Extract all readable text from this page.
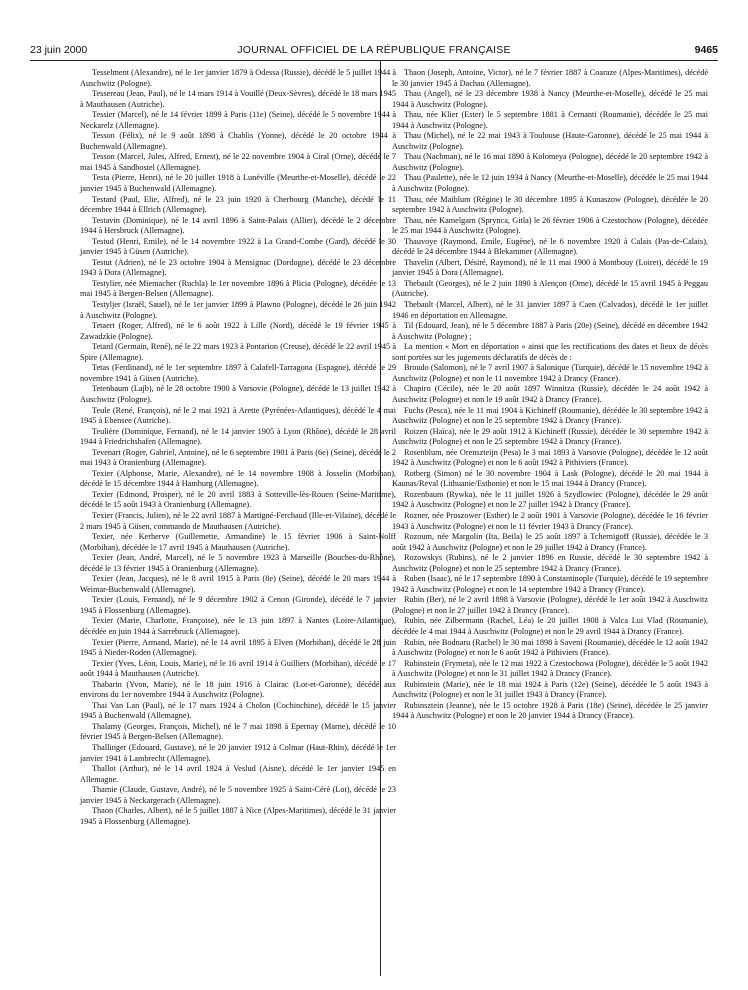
23 juin 2000	JOURNAL OFFICIEL DE LA RÉPUBLIQUE FRANÇAISE	9465

Tesselment (Alexandre), né le 1er janvier 1879 à Odessa (Russie), décédé le 5 juillet 1944 à Auschwitz (Pologne).

Tessereau (Jean, Paul), né le 14 mars 1914 à Vouillé (Deux-Sèvres), décédé le 18 mars 1945 à Mauthausen (Autriche).

Tessier (Marcel), né le 14 février 1899 à Paris (11e) (Seine), décédé le 5 novembre 1944 à Neckarelz (Allemagne).

Tesson (Félix), né le 9 août 1898 à Chablis (Yonne), décédé le 20 octobre 1944 à Buchenwald (Allemagne).

Tesson (Marcel, Jules, Alfred, Ernest), né le 22 novembre 1904 à Ciral (Orne), décédé le 7 mai 1945 à Sandbostel (Allemagne).

Testa (Pierre, Henri), né le 20 juillet 1918 à Lunéville (Meurthe-et-Moselle), décédé le 22 janvier 1945 à Buchenwald (Allemagne).

Testard (Paul, Elie, Alfred), né le 23 juin 1920 à Cherbourg (Manche), décédé le 11 décembre 1944 à Ellrich (Allemagne).

Testavin (Dominique), né le 14 avril 1896 à Saint-Palais (Allier), décédé le 2 décembre 1944 à Hersbruck (Allemagne).

Testud (Henri, Emile), né le 14 novembre 1922 à La Grand-Combe (Gard), décédé le 30 janvier 1945 à Güsen (Autriche).

Testut (Adrien), né le 23 octobre 1904 à Mensignac (Dordogne), décédé le 23 décembre 1943 à Dora (Allemagne).

Testylier, née Miemacher (Ruchla) le 1er novembre 1896 à Plicia (Pologne), décédée le 13 mai 1945 à Bergen-Belsen (Allemagne).

Testyljer (Israël, Sauel), né le 1er janvier 1899 à Plawno (Pologne), décédé le 26 juin 1942 à Auschwitz (Pologne).

Tetaert (Roger, Alfred), né le 6 août 1922 à Lille (Nord), décédé le 19 février 1945 à Zawadzkie (Pologne).

Tetard (Germain, René), né le 22 mars 1923 à Pontarion (Creuse), décédé le 22 avril 1945 à Spire (Allemagne).

Tetas (Ferdinand), né le 1er septembre 1897 à Calafell-Tarragona (Espagne), décédé le 29 novembre 1941 à Güsen (Autriche).

Tetenbaum (Lajb), né le 28 octobre 1900 à Varsovie (Pologne), décédé le 13 juillet 1942 à Auschwitz (Pologne).

Teule (René, François), né le 2 mai 1921 à Arette (Pyrénées-Atlantiques), décédé le 4 mai 1945 à Ebensee (Autriche).

Teulière (Dominique, Fernand), né le 14 janvier 1905 à Lyon (Rhône), décédé le 28 avril 1944 à Friedrichshafen (Allemagne).

Tevenart (Roger, Gabriel, Antoine), né le 6 septembre 1901 à Paris (6e) (Seine), décédé le 2 mai 1943 à Oranienburg (Allemagne).

Texier (Alphonse, Marie, Alexandre), né le 14 novembre 1908 à Josselin (Morbihan), décédé le 15 décembre 1944 à Hamburg (Allemagne).

Texier (Edmond, Prosper), né le 20 avril 1883 à Sotteville-lès-Rouen (Seine-Maritime), décédé le 15 août 1943 à Oranienburg (Allemagne).

Texier (Francis, Julien), né le 22 avril 1887 à Martigné-Ferchaud (Ille-et-Vilaine), décédé le 2 mars 1945 à Güsen, commando de Mauthausen (Autriche).

Texier, née Kerherve (Guillemette, Armandine) le 15 février 1906 à Saint-Nolff (Morbihan), décédée le 17 avril 1945 à Mauthausen (Autriche).

Texier (Jean, André, Marcel), né le 5 novembre 1923 à Marseille (Bouches-du-Rhône), décédé le 13 février 1945 à Oranienburg (Allemagne).

Texier (Jean, Jacques), né le 8 avril 1915 à Paris (8e) (Seine), décédé le 20 mars 1944 à Weimar-Buchenwald (Allemagne).

Texier (Louis, Fernand), né le 9 décembre 1902 à Cenon (Gironde), décédé le 7 janvier 1945 à Flossenburg (Allemagne).

Texier (Marie, Charlotte, Françoise), née le 13 juin 1897 à Nantes (Loire-Atlantique), décédée en juin 1944 à Sarrebruck (Allemagne).

Texier (Pierre, Armand, Marie), né le 14 avril 1895 à Elven (Morbihan), décédé le 28 juin 1945 à Nieder-Roden (Allemagne).

Texier (Yves, Léon, Louis, Marie), né le 16 avril 1914 à Guilliers (Morbihan), décédé le 17 août 1944 à Mauthausen (Autriche).

Thabarin (Yvon, Marie), né le 18 juin 1916 à Clairac (Lot-et-Garonne), décédé aux environs du 1er novembre 1944 à Auschwitz (Pologne).

Thai Van Lan (Paul), né le 17 mars 1924 à Cholon (Cochinchine), décédé le 15 janvier 1945 à Buchenwald (Allemagne).

Thalamy (Georges, François, Michel), né le 7 mai 1898 à Epernay (Marne), décédé le 10 février 1945 à Bergen-Belsen (Allemagne).

Thallinger (Edouard, Gustave), né le 20 janvier 1912 à Colmar (Haut-Rhin), décédé le 1er janvier 1941 à Lambrecht (Allemagne).

Thallot (Arthur), né le 14 avril 1924 à Veslud (Aisne), décédé le 1er janvier 1945 en Allemagne.

Thamie (Claude, Gustave, André), né le 5 novembre 1925 à Saint-Céré (Lot), décédé le 23 janvier 1945 à Neckargerach (Allemagne).

Thaon (Charles, Albert), né le 5 juillet 1887 à Nice (Alpes-Maritimes), décédé le 31 janvier 1945 à Flossenburg (Allemagne).

Thaon (Joseph, Antoine, Victor), né le 7 février 1887 à Coaraze (Alpes-Maritimes), décédé le 30 janvier 1945 à Dachau (Allemagne).

Thau (Angel), né le 23 décembre 1938 à Nancy (Meurthe-et-Moselle), décédé le 25 mai 1944 à Auschwitz (Pologne).

Thau, née Klier (Ester) le 5 septembre 1881 à Cernanti (Roumanie), décédée le 25 mai 1944 à Auschwitz (Pologne).

Thau (Michel), né le 22 mai 1943 à Toulouse (Haute-Garonne), décédé le 25 mai 1944 à Auschwitz (Pologne).

Thau (Nachman), né le 16 mai 1890 à Kolomeya (Pologne), décédé le 20 septembre 1942 à Auschwitz (Pologne).

Thau (Paulette), née le 12 juin 1934 à Nancy (Meurthe-et-Moselle), décédée le 25 mai 1944 à Auschwitz (Pologne).

Thau, née Maiblum (Régine) le 30 décembre 1895 à Kunaszow (Pologne), décédée le 20 septembre 1942 à Auschwitz (Pologne).

Thau, née Kamelgarn (Sprynca, Gitla) le 26 février 1906 à Czestochow (Pologne), décédée le 25 mai 1944 à Auschwitz (Pologne).

Thauvoye (Raymond, Emile, Eugène), né le 6 novembre 1920 à Calais (Pas-de-Calais), décédé le 24 décembre 1944 à Blekammer (Allemagne).

Thavelin (Albert, Désiré, Raymond), né le 11 mai 1900 à Montbouy (Loiret), décédé le 19 janvier 1945 à Dora (Allemagne).

Thebault (Georges), né le 2 juin 1890 à Alençon (Orne), décédé le 15 avril 1945 à Peggau (Autriche).

Thebault (Marcel, Albert), né le 31 janvier 1897 à Caen (Calvados), décédé le 1er juillet 1946 en déportation en Allemagne.

Til (Edouard, Jean), né le 5 décembre 1887 à Paris (20e) (Seine), décédé en décembre 1942 à Auschwitz (Pologne) ;

La mention « Mort en déportation » ainsi que les rectifications des dates et lieux de décès sont portées sur les jugements déclaratifs de décès de :

Broudo (Salomon), né le 7 avril 1907 à Salonique (Turquie), décédé le 15 novembre 1942 à Auschwitz (Pologne) et non le 11 novembre 1942 à Drancy (France).

Chapiro (Cécile), née le 20 août 1897 Winnitza (Russie), décédée le 24 août 1942 à Auschwitz (Pologne) et non le 19 août 1942 à Drancy (France).

Fuchs (Pesca), née le 11 mai 1904 à Kichineff (Roumanie), décédée le 30 septembre 1942 à Auschwitz (Pologne) et non le 25 septembre 1942 à Drancy (France).

Roizen (Haïca), née le 29 août 1912 à Kichineff (Russie), décédée le 30 septembre 1942 à Auschwitz (Pologne) et non le 25 septembre 1942 à Drancy (France).

Rosenblum, née Orenszteijn (Pesa) le 3 mai 1893 à Varsovie (Pologne), décédée le 12 août 1942 à Auschwitz (Pologne) et non le 6 août 1942 à Pithiviers (France).

Rotberg (Simon) né le 30 novembre 1904 à Lask (Pologne), décédé le 20 mai 1944 à Kaunas/Reval (Lithuanie/Esthonie) et non le 15 mai 1944 à Drancy (France).

Rozenbaum (Rywka), née le 11 juillet 1926 à Szydlowiec (Pologne), décédée le 29 août 1942 à Auschwitz (Pologne) et non le 27 juillet 1942 à Drancy (France).

Rozner, née Proszower (Esther) le 2 août 1901 à Varsovie (Pologne), décédée le 16 février 1943 à Auschwitz (Pologne) et non le 11 février 1943 à Drancy (France).

Rozoum, née Margolin (Ita, Beila) le 25 août 1897 à Tchernigoff (Russie), décédée le 3 août 1942 à Auschwitz (Pologne) et non le 29 juillet 1942 à Drancy (France).

Rozowskys (Rubins), né le 2 janvier 1896 en Russie, décédé le 30 septembre 1942 à Auschwitz (Pologne) et non le 25 septembre 1942 à Drancy (France).

Ruben (Isaac), né le 17 septembre 1890 à Constantinople (Turquie), décédé le 19 septembre 1942 à Auschwitz (Pologne) et non le 14 septembre 1942 à Drancy (France).

Rubin (Ber), né le 2 avril 1898 à Varsovie (Pologne), décédé le 1er août 1942 à Auschwitz (Pologne) et non le 27 juillet 1942 à Drancy (France).

Rubin, née Zilbermann (Rachel, Léa) le 20 juillet 1908 à Valca Lui Vlad (Roumanie), décédée le 4 mai 1944 à Auschwitz (Pologne) et non le 29 avril 1944 à Drancy (France).

Rubin, née Bodnaru (Rachel) le 30 mai 1898 à Saveni (Roumanie), décédée le 12 août 1942 à Auschwitz (Pologne) et non le 6 août 1942 à Pithiviers (France).

Rubinstein (Frymeta), née le 12 mai 1922 à Czestochowa (Pologne), décédée le 5 août 1942 à Auschwitz (Pologne) et non le 31 juillet 1942 à Drancy (France).

Rubinstein (Marie), née le 18 mai 1924 à Paris (12e) (Seine), décédée le 5 août 1943 à Auschwitz (Pologne) et non le 31 juillet 1943 à Drancy (France).

Rubinsztein (Jeanne), née le 15 octobre 1928 à Paris (18e) (Seine), décédée le 25 janvier 1944 à Auschwitz (Pologne) et non le 20 janvier 1944 à Drancy (France).
